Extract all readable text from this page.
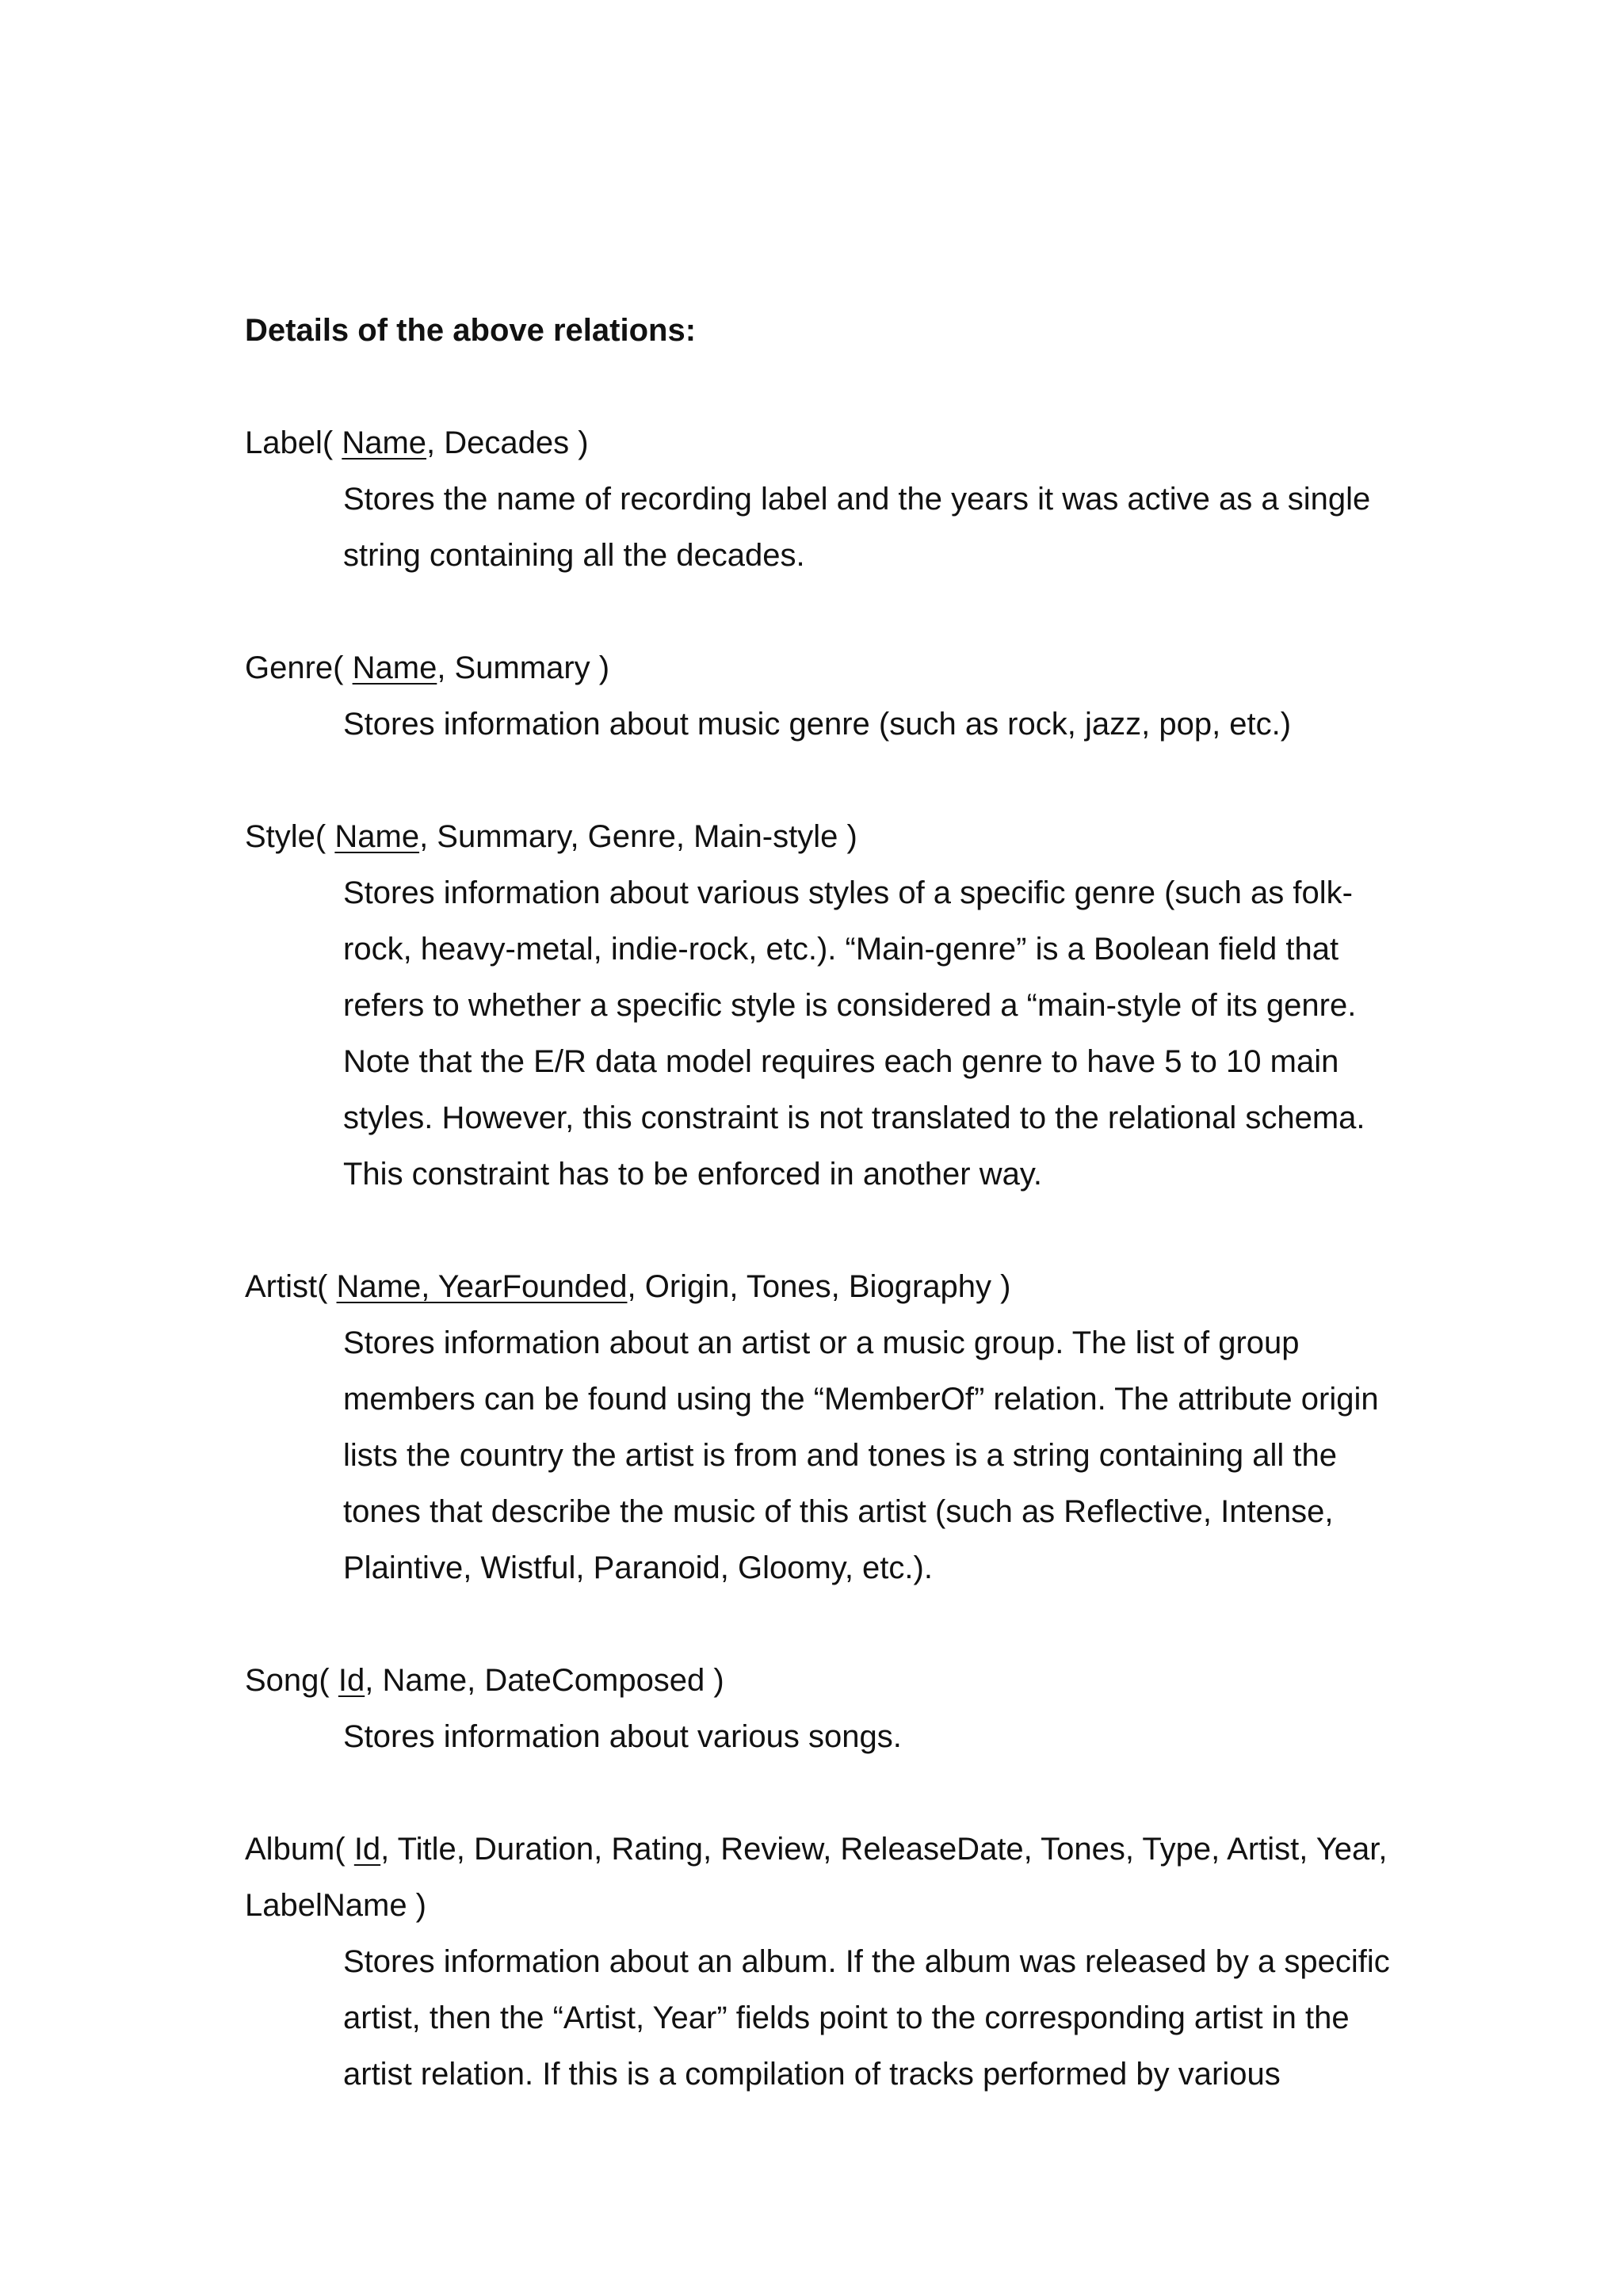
Details of the above relations:
Label( Name, Decades )
Stores the name of recording label and the years it was active as a single string containing all the decades.
Genre( Name, Summary )
Stores information about music genre (such as rock, jazz, pop, etc.)
Style( Name, Summary, Genre, Main-style )
Stores information about various styles of a specific genre (such as folk-rock, heavy-metal, indie-rock, etc.). “Main-genre” is a Boolean field that refers to whether a specific style is considered a “main-style of its genre. Note that the E/R data model requires each genre to have 5 to 10 main styles. However, this constraint is not translated to the relational schema. This constraint has to be enforced in another way.
Artist( Name, YearFounded, Origin, Tones, Biography )
Stores information about an artist or a music group. The list of group members can be found using the “MemberOf” relation. The attribute origin lists the country the artist is from and tones is a string containing all the tones that describe the music of this artist (such as Reflective, Intense, Plaintive, Wistful, Paranoid, Gloomy, etc.).
Song( Id, Name, DateComposed )
Stores information about various songs.
Album( Id, Title, Duration, Rating, Review, ReleaseDate, Tones, Type, Artist, Year, LabelName )
Stores information about an album. If the album was released by a specific artist, then the “Artist, Year” fields point to the corresponding artist in the artist relation. If this is a compilation of tracks performed by various
